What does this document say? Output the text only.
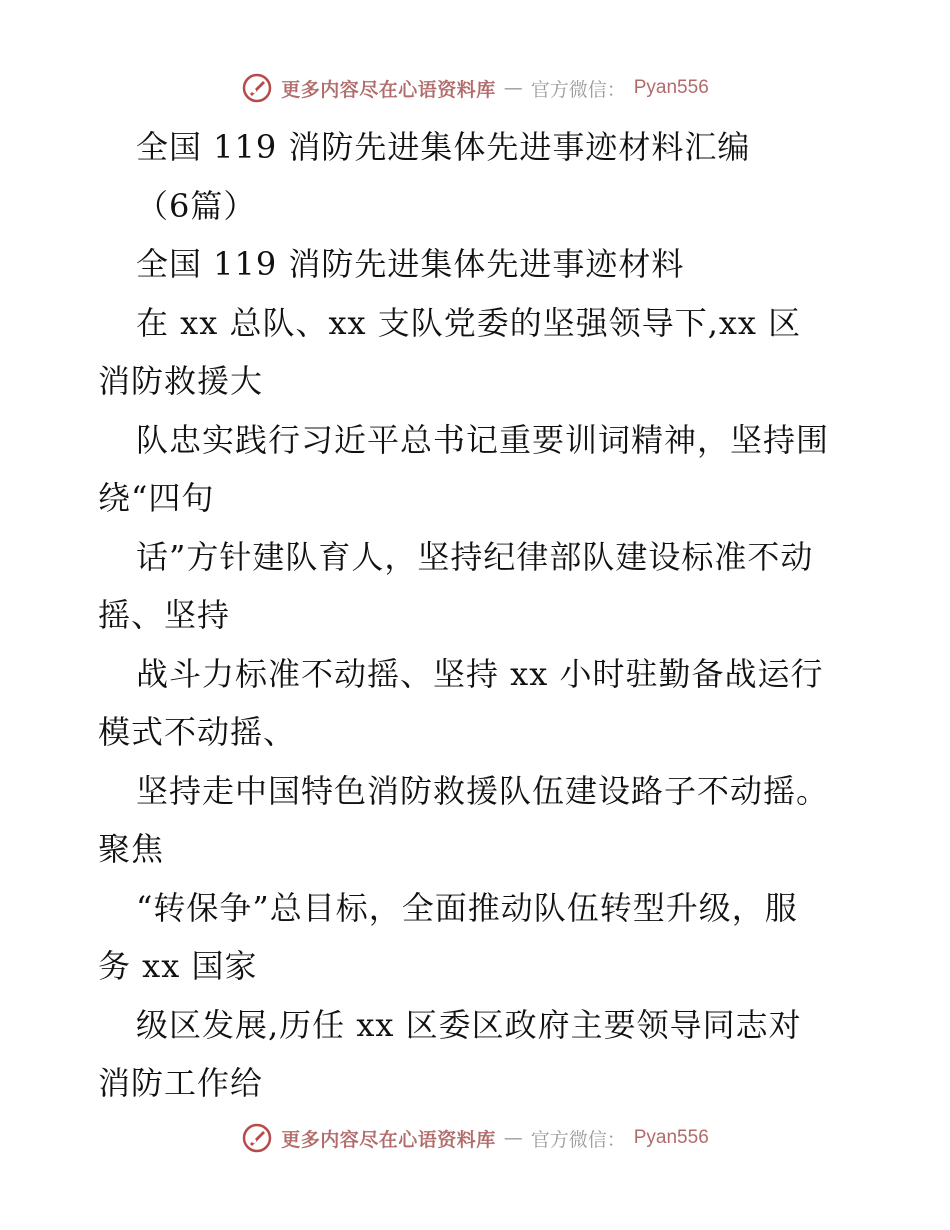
更多内容尽在心语资料库 — 官方微信： Pyan556
全国 119 消防先进集体先进事迹材料汇编
（6篇）
全国 119 消防先进集体先进事迹材料
在 xx 总队、xx 支队党委的坚强领导下,xx 区
消防救援大
队忠实践行习近平总书记重要训词精神，坚持围
绕“四句
话”方针建队育人，坚持纪律部队建设标准不动
摇、坚持
战斗力标准不动摇、坚持 xx 小时驻勤备战运行
模式不动摇、
坚持走中国特色消防救援队伍建设路子不动摇。
聚焦
“转保争”总目标，全面推动队伍转型升级，服
务 xx 国家
级区发展,历任 xx 区委区政府主要领导同志对
消防工作给
更多内容尽在心语资料库 — 官方微信： Pyan556
